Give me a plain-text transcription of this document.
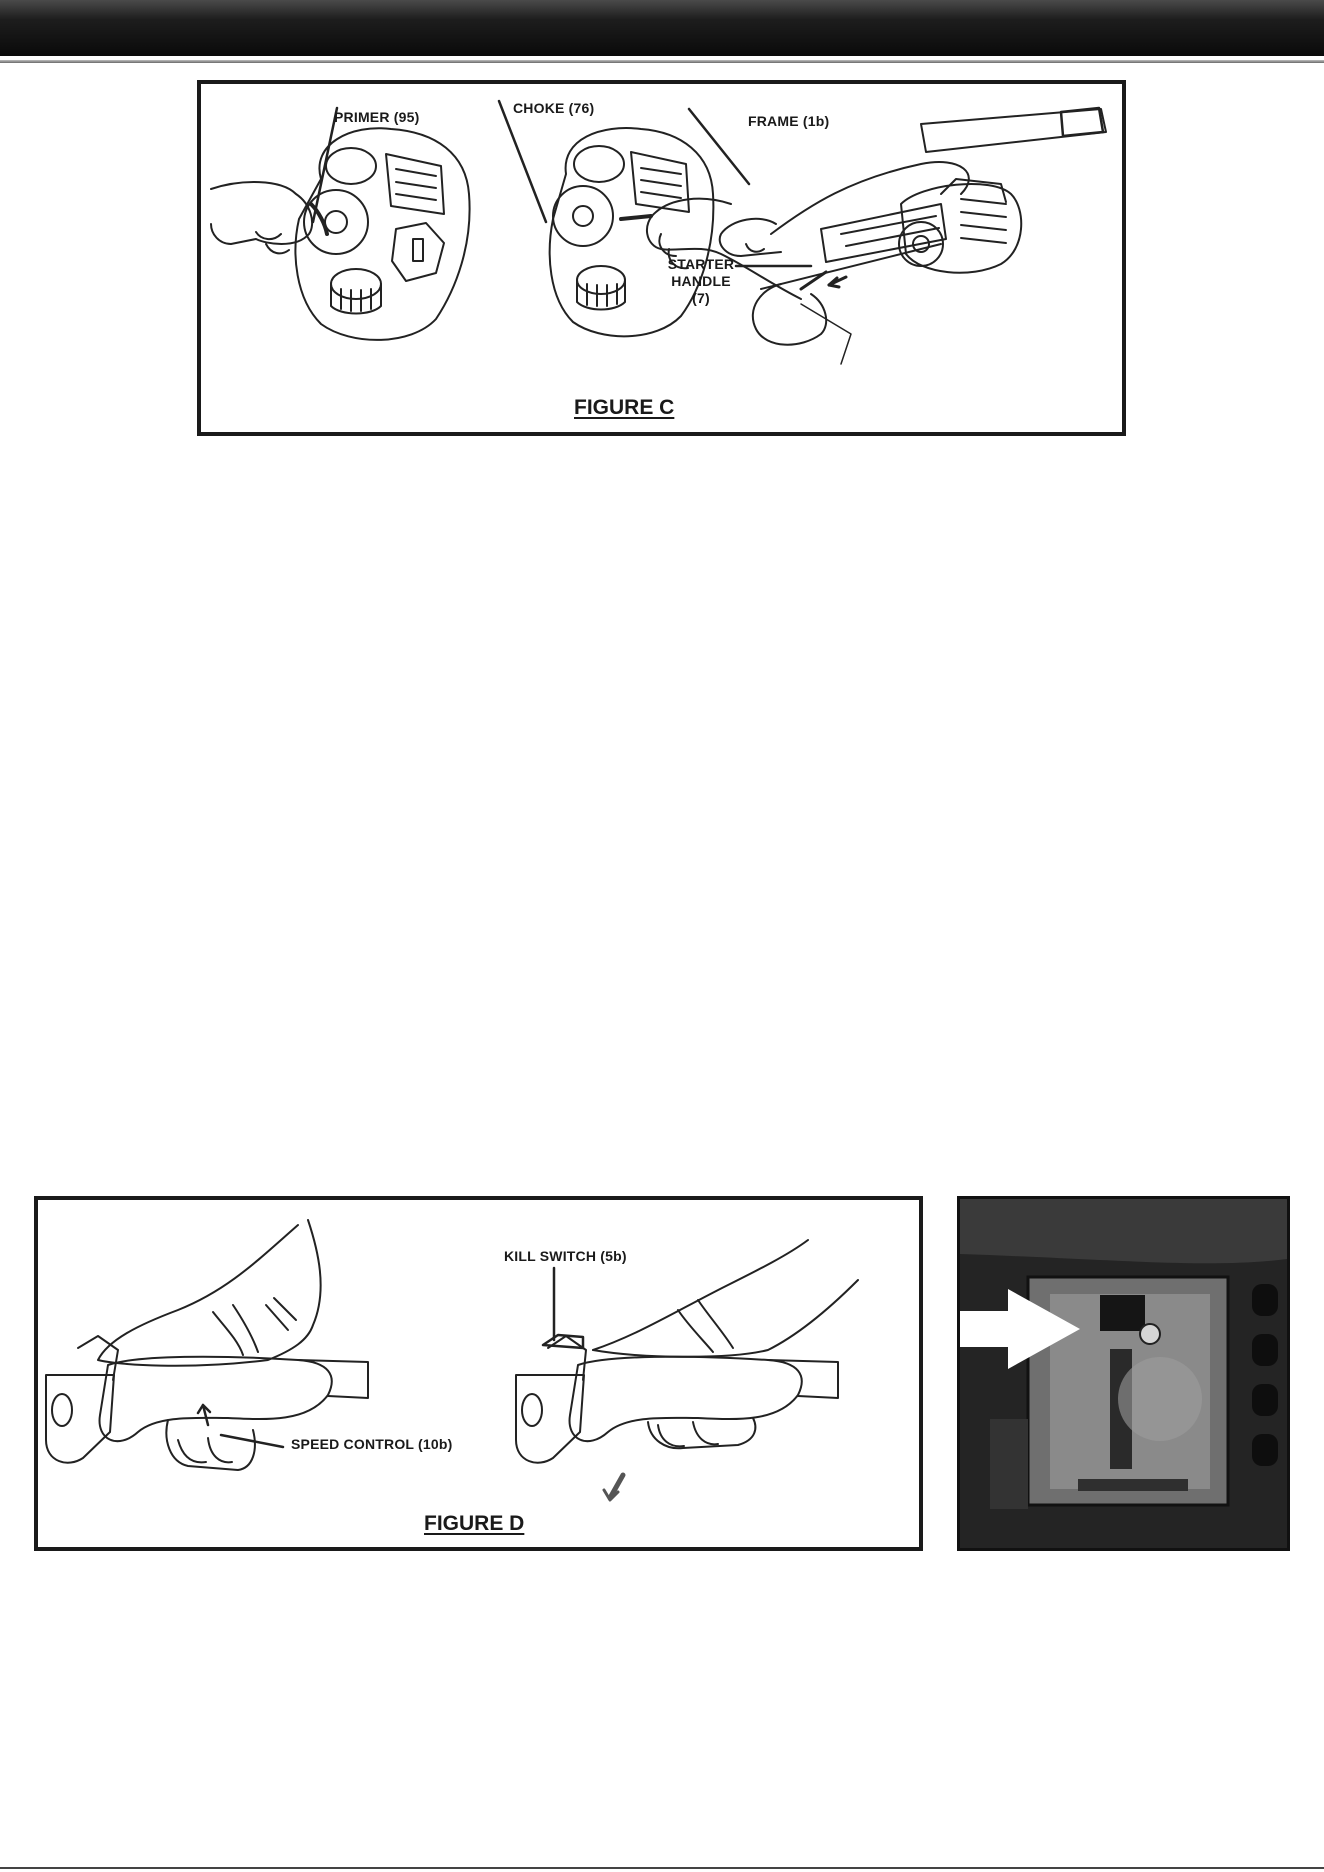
PRIMER (95)
CHOKE (76)
FRAME (1b)
STARTER
HANDLE
(7)
FIGURE C
KILL SWITCH (5b)
SPEED CONTROL (10b)
FIGURE D
